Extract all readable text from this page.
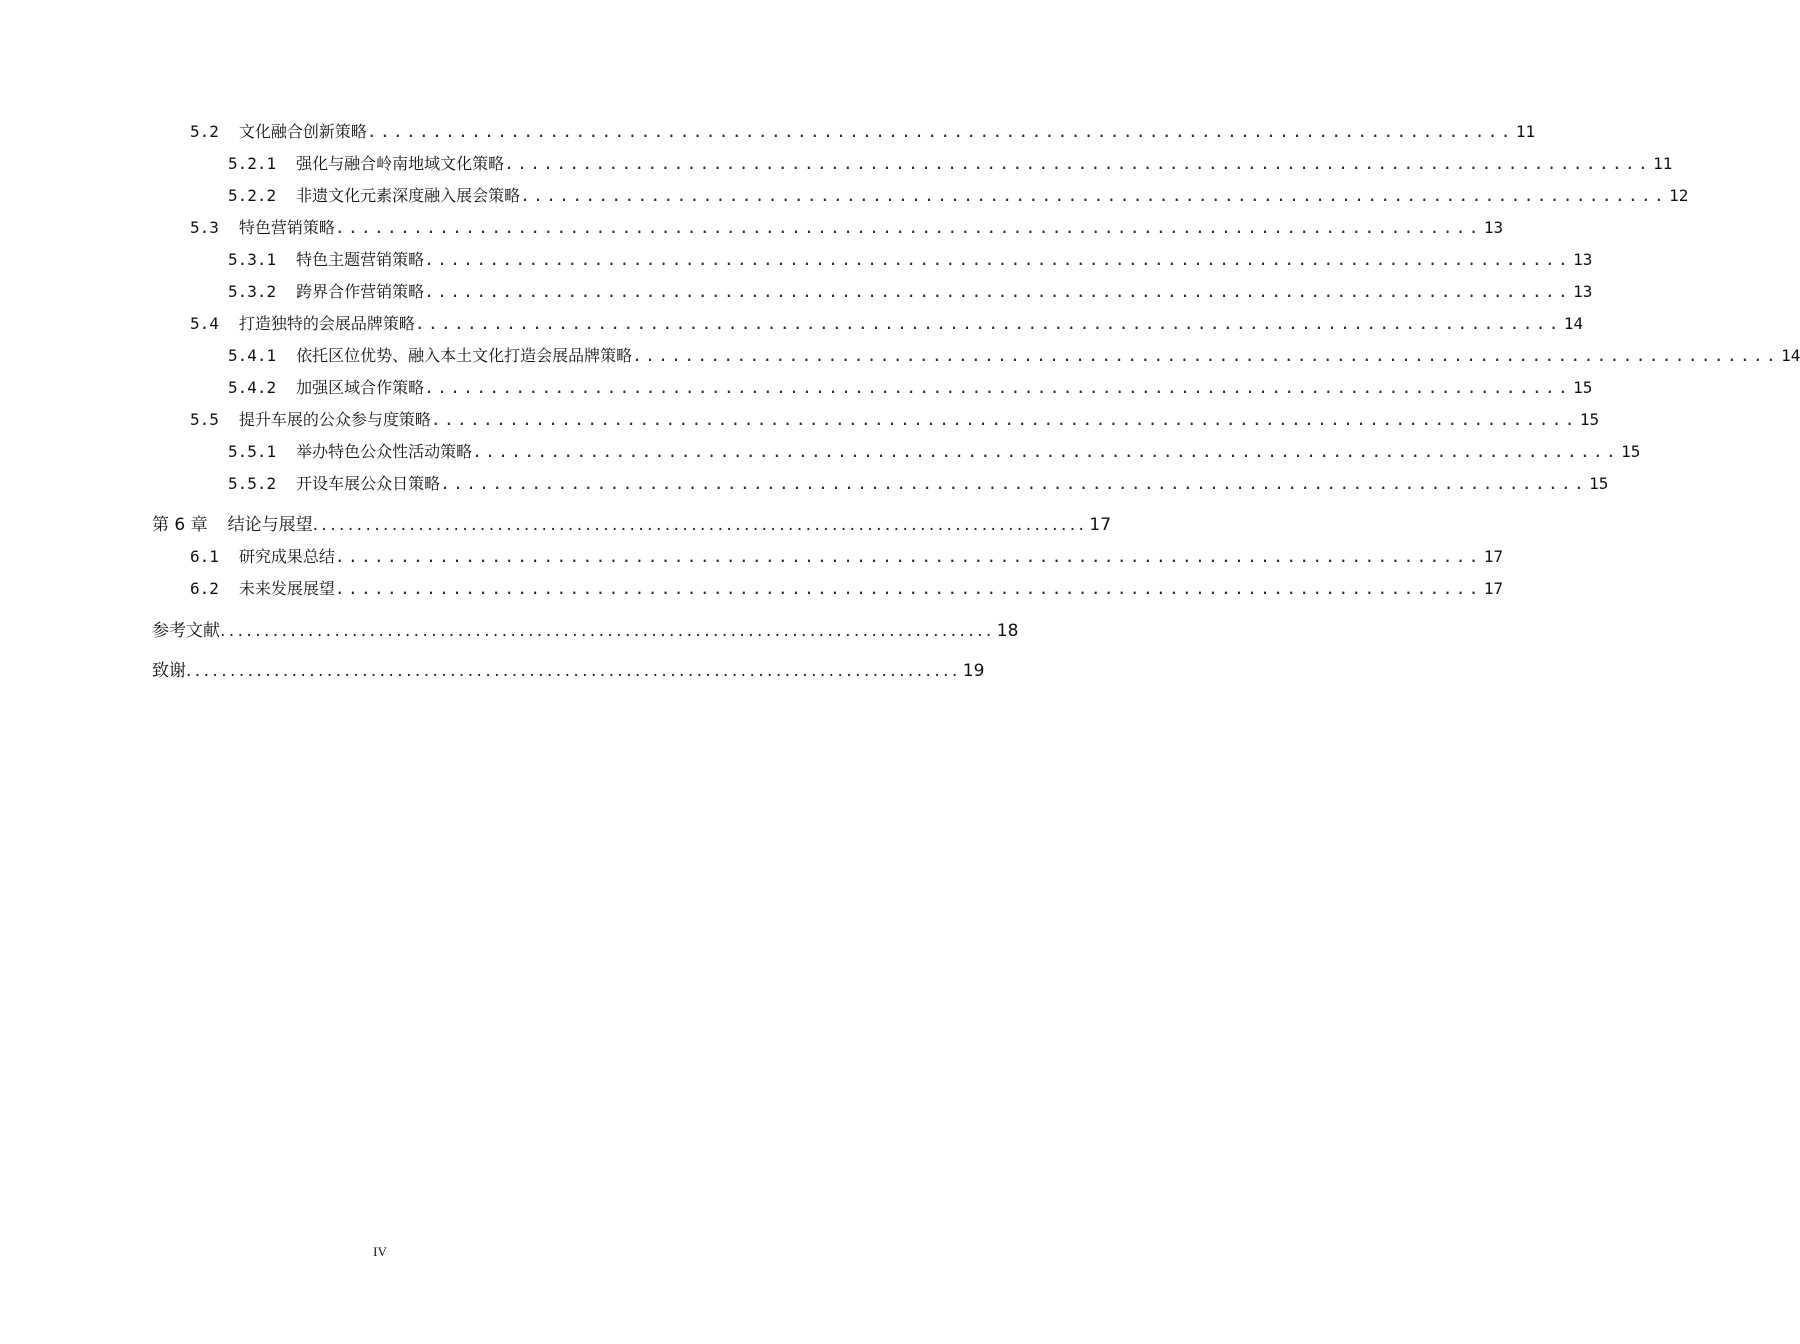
5.2	文化融合创新策略 ........................................................................................ 11
5.2.1	强化与融合岭南地域文化策略 ........................................................................................ 11
5.2.2	非遗文化元素深度融入展会策略 ........................................................................................ 12
5.3	特色营销策略 ........................................................................................ 13
5.3.1	特色主题营销策略 ........................................................................................ 13
5.3.2	跨界合作营销策略 ........................................................................................ 13
5.4	打造独特的会展品牌策略 ........................................................................................ 14
5.4.1	依托区位优势、融入本土文化打造会展品牌策略 ........................................................................................ 14
5.4.2	加强区域合作策略 ........................................................................................ 15
5.5	提升车展的公众参与度策略 ........................................................................................ 15
5.5.1	举办特色公众性活动策略 ........................................................................................ 15
5.5.2	开设车展公众日策略 ........................................................................................ 15
第 6 章	结论与展望 ........................................................................................ 17
6.1	研究成果总结 ........................................................................................ 17
6.2	未来发展展望 ........................................................................................ 17
参考文献 ........................................................................................ 18
致谢 ........................................................................................ 19
IV
